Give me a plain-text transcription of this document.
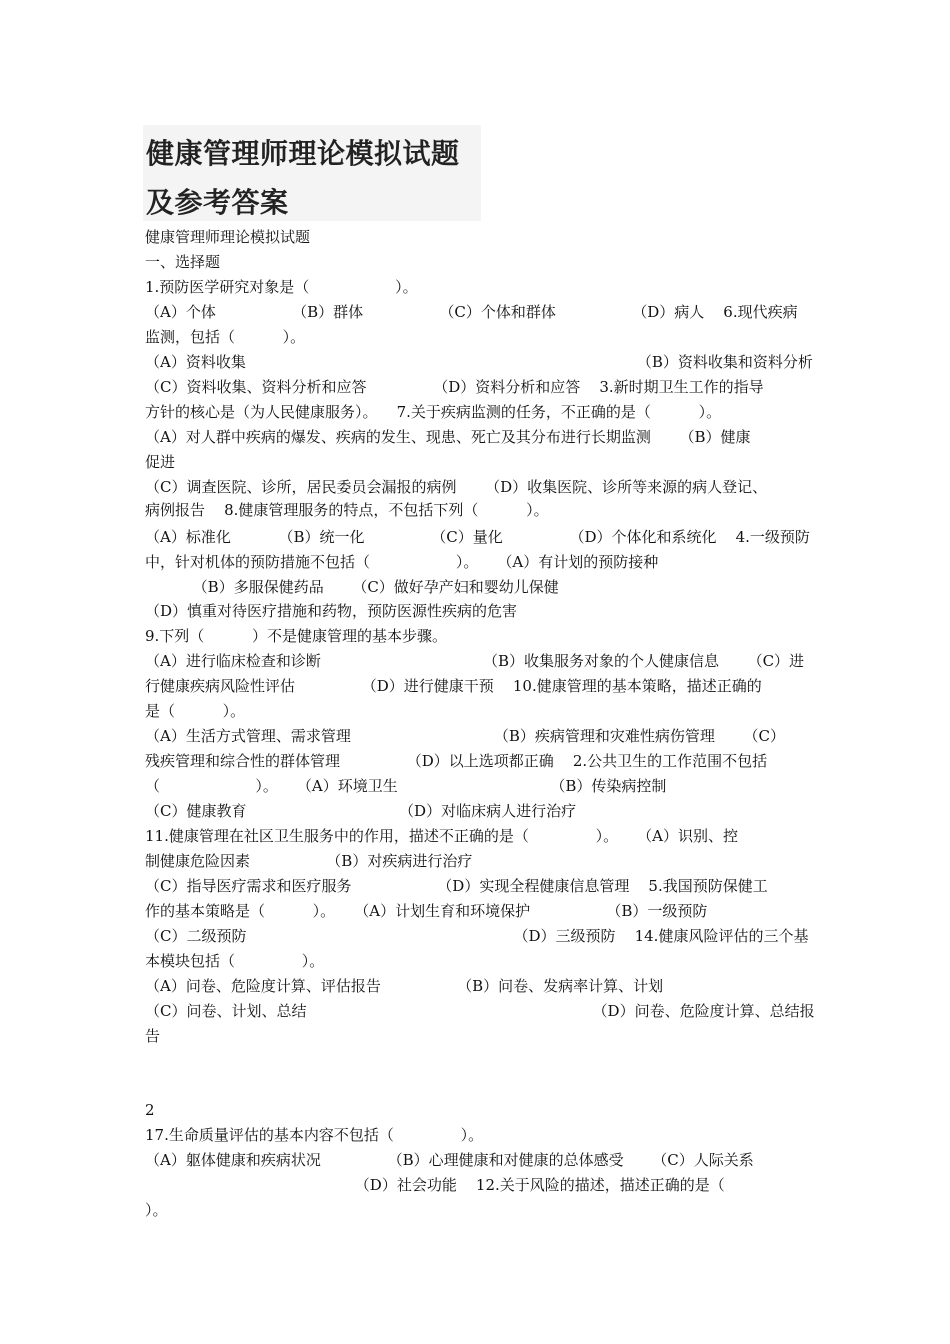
健康管理师理论模拟试题
及参考答案
健康管理师理论模拟试题
一、选择题
1.预防医学研究对象是（                  ）。
（A）个体                （B）群体                （C）个体和群体                （D）病人    6.现代疾病
监测，包括（          ）。
（A）资料收集                                                                                  （B）资料收集和资料分析
（C）资料收集、资料分析和应答              （D）资料分析和应答    3.新时期卫生工作的指导
方针的核心是（为人民健康服务）。    7.关于疾病监测的任务，不正确的是（          ）。
（A）对人群中疾病的爆发、疾病的发生、现患、死亡及其分布进行长期监测      （B）健康
促进
（C）调查医院、诊所，居民委员会漏报的病例      （D）收集医院、诊所等来源的病人登记、
病例报告    8.健康管理服务的特点，不包括下列（          ）。
（A）标准化          （B）统一化              （C）量化              （D）个体化和系统化    4.一级预防
中，针对机体的预防措施不包括（                  ）。    （A）有计划的预防接种
（B）多服保健药品      （C）做好孕产妇和婴幼儿保健
（D）慎重对待医疗措施和药物，预防医源性疾病的危害
9.下列（          ）不是健康管理的基本步骤。
（A）进行临床检查和诊断                                  （B）收集服务对象的个人健康信息      （C）进
行健康疾病风险性评估              （D）进行健康干预    10.健康管理的基本策略，描述正确的
是（          ）。
（A）生活方式管理、需求管理                              （B）疾病管理和灾难性病伤管理      （C）
残疾管理和综合性的群体管理              （D）以上选项都正确    2.公共卫生的工作范围不包括
（                    ）。    （A）环境卫生                                （B）传染病控制
（C）健康教育                                （D）对临床病人进行治疗
11.健康管理在社区卫生服务中的作用，描述不正确的是（              ）。    （A）识别、控
制健康危险因素                （B）对疾病进行治疗
（C）指导医疗需求和医疗服务                  （D）实现全程健康信息管理    5.我国预防保健工
作的基本策略是（          ）。    （A）计划生育和环境保护                （B）一级预防
（C）二级预防                                                        （D）三级预防    14.健康风险评估的三个基
本模块包括（              ）。
（A）问卷、危险度计算、评估报告                （B）问卷、发病率计算、计划
（C）问卷、计划、总结                                                            （D）问卷、危险度计算、总结报
告
2
17.生命质量评估的基本内容不包括（              ）。
（A）躯体健康和疾病状况              （B）心理健康和对健康的总体感受      （C）人际关系
（D）社会功能    12.关于风险的描述，描述正确的是（
）。
